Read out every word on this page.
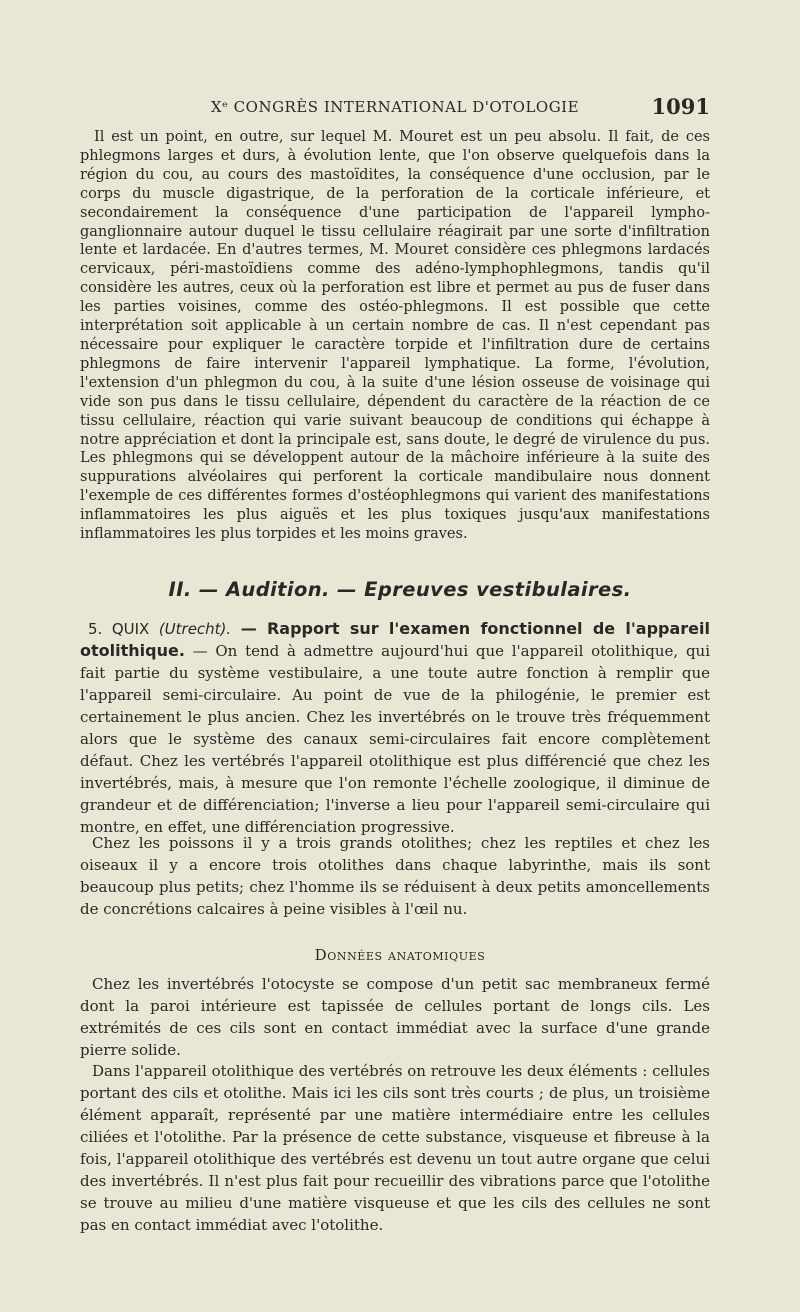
Xᵉ CONGRÈS INTERNATIONAL D'OTOLOGIE	1091

Il est un point, en outre, sur lequel M. Mouret est un peu absolu. Il fait, de ces phlegmons larges et durs, à évolution lente, que l'on observe quelquefois dans la région du cou, au cours des mastoïdites, la conséquence d'une occlusion, par le corps du muscle digastrique, de la perforation de la corticale inférieure, et secondairement la conséquence d'une participation de l'appareil lympho-ganglionnaire autour duquel le tissu cellulaire réagirait par une sorte d'infiltration lente et lardacée. En d'autres termes, M. Mouret considère ces phlegmons lardacés cervicaux, péri-mastoïdiens comme des adéno-lymphophlegmons, tandis qu'il considère les autres, ceux où la perforation est libre et permet au pus de fuser dans les parties voisines, comme des ostéo-phlegmons. Il est possible que cette interprétation soit applicable à un certain nombre de cas. Il n'est cependant pas nécessaire pour expliquer le caractère torpide et l'infiltration dure de certains phlegmons de faire intervenir l'appareil lymphatique. La forme, l'évolution, l'extension d'un phlegmon du cou, à la suite d'une lésion osseuse de voisinage qui vide son pus dans le tissu cellulaire, dépendent du caractère de la réaction de ce tissu cellulaire, réaction qui varie suivant beaucoup de conditions qui échappe à notre appréciation et dont la principale est, sans doute, le degré de virulence du pus. Les phlegmons qui se développent autour de la mâchoire inférieure à la suite des suppurations alvéolaires qui perforent la corticale mandibulaire nous donnent l'exemple de ces différentes formes d'ostéophlegmons qui varient des manifestations inflammatoires les plus aiguës et les plus toxiques jusqu'aux manifestations inflammatoires les plus torpides et les moins graves.

II. — Audition. — Epreuves vestibulaires.

5. QUIX (Utrecht). — Rapport sur l'examen fonctionnel de l'appareil otolithique. — On tend à admettre aujourd'hui que l'appareil otolithique, qui fait partie du système vestibulaire, a une toute autre fonction à remplir que l'appareil semi-circulaire. Au point de vue de la philogénie, le premier est certainement le plus ancien. Chez les invertébrés on le trouve très fréquemment alors que le système des canaux semi-circulaires fait encore complètement défaut. Chez les vertébrés l'appareil otolithique est plus différencié que chez les invertébrés, mais, à mesure que l'on remonte l'échelle zoologique, il diminue de grandeur et de différenciation; l'inverse a lieu pour l'appareil semi-circulaire qui montre, en effet, une différenciation progressive.

Chez les poissons il y a trois grands otolithes; chez les reptiles et chez les oiseaux il y a encore trois otolithes dans chaque labyrinthe, mais ils sont beaucoup plus petits; chez l'homme ils se réduisent à deux petits amoncellements de concrétions calcaires à peine visibles à l'œil nu.

Données anatomiques

Chez les invertébrés l'otocyste se compose d'un petit sac membraneux fermé dont la paroi intérieure est tapissée de cellules portant de longs cils. Les extrémités de ces cils sont en contact immédiat avec la surface d'une grande pierre solide.

Dans l'appareil otolithique des vertébrés on retrouve les deux éléments : cellules portant des cils et otolithe. Mais ici les cils sont très courts ; de plus, un troisième élément apparaît, représenté par une matière intermédiaire entre les cellules ciliées et l'otolithe. Par la présence de cette substance, visqueuse et fibreuse à la fois, l'appareil otolithique des vertébrés est devenu un tout autre organe que celui des invertébrés. Il n'est plus fait pour recueillir des vibrations parce que l'otolithe se trouve au milieu d'une matière visqueuse et que les cils des cellules ne sont pas en contact immédiat avec l'otolithe.
